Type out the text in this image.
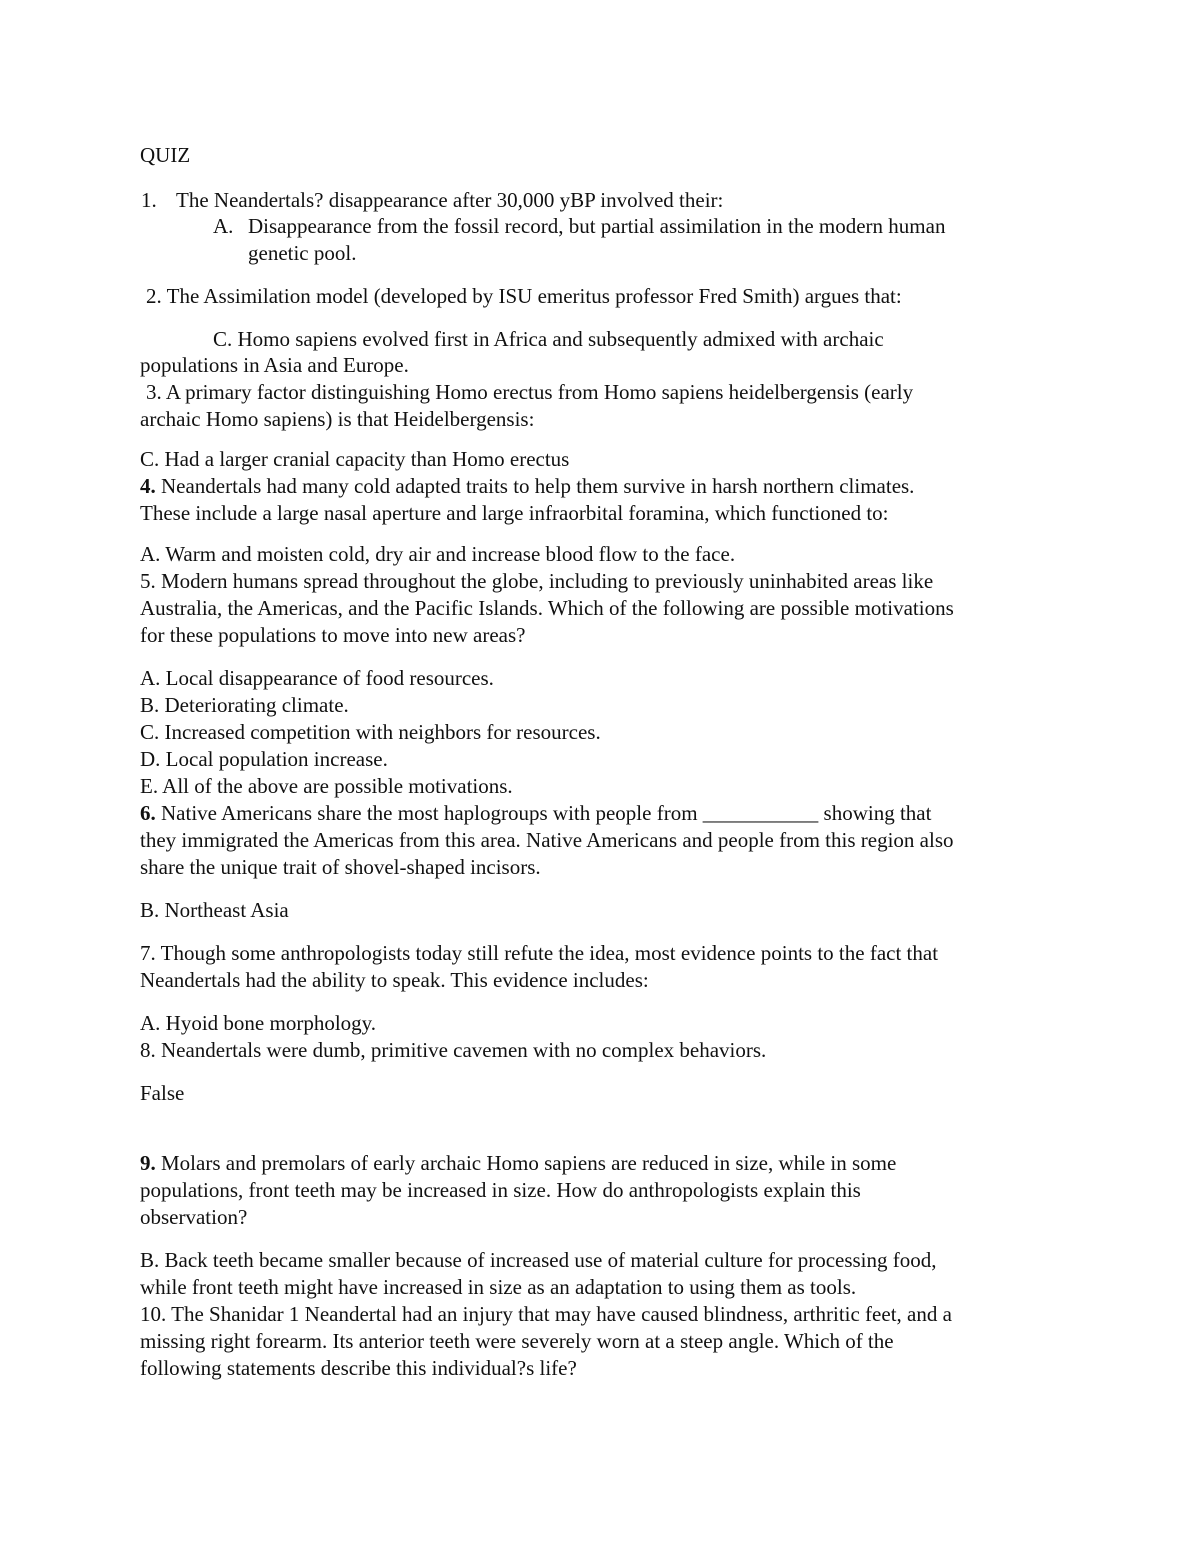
QUIZ
1. The Neandertals? disappearance after 30,000 yBP involved their:
A. Disappearance from the fossil record, but partial assimilation in the modern human
genetic pool.
2. The Assimilation model (developed by ISU emeritus professor Fred Smith) argues that:
C. Homo sapiens evolved first in Africa and subsequently admixed with archaic
populations in Asia and Europe.
3. A primary factor distinguishing Homo erectus from Homo sapiens heidelbergensis (early
archaic Homo sapiens) is that Heidelbergensis:
C. Had a larger cranial capacity than Homo erectus
4. Neandertals had many cold adapted traits to help them survive in harsh northern climates.
These include a large nasal aperture and large infraorbital foramina, which functioned to:
A. Warm and moisten cold, dry air and increase blood flow to the face.
5. Modern humans spread throughout the globe, including to previously uninhabited areas like
Australia, the Americas, and the Pacific Islands. Which of the following are possible motivations
for these populations to move into new areas?
A. Local disappearance of food resources.
B. Deteriorating climate.
C. Increased competition with neighbors for resources.
D. Local population increase.
E. All of the above are possible motivations.
6. Native Americans share the most haplogroups with people from ___________ showing that
they immigrated the Americas from this area. Native Americans and people from this region also
share the unique trait of shovel-shaped incisors.
B. Northeast Asia
7. Though some anthropologists today still refute the idea, most evidence points to the fact that
Neandertals had the ability to speak. This evidence includes:
A. Hyoid bone morphology.
8. Neandertals were dumb, primitive cavemen with no complex behaviors.
False
9. Molars and premolars of early archaic Homo sapiens are reduced in size, while in some
populations, front teeth may be increased in size. How do anthropologists explain this
observation?
B. Back teeth became smaller because of increased use of material culture for processing food,
while front teeth might have increased in size as an adaptation to using them as tools.
10. The Shanidar 1 Neandertal had an injury that may have caused blindness, arthritic feet, and a
missing right forearm. Its anterior teeth were severely worn at a steep angle. Which of the
following statements describe this individual?s life?
